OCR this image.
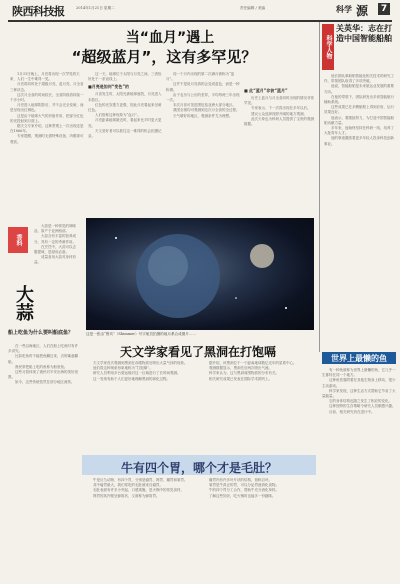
陕西科技报	2014年1月21日 星期二	责任编辑 / 美编	科学 源	7
当“血月”遇上
“超级蓝月”，这有多罕见？

1月31日晚上，月亮将出现一次罕见的天象，人们一生中难得一见。

月亮将同时处于超级月亮、蓝月亮、月全食三种状态。

这次月全食的时间较长，全食阶段将持续一个多小时。

月亮进入地球阴影后，并不会完全变暗，而是呈现出红铜色。

这是由于地球大气的折射作用，把部分红色的光投射到月面上。

据天文专家介绍，这种景观上一次出现还是在1866年。

专家提醒，观测时无需特殊设备，肉眼即可观赏。

这一天，地球位于太阳与月亮之间，三者恰好处于一条直线上。

■月亮是如何“变色”的

月食发生时，太阳光被地球遮挡，月亮进入本影区。

红色的光穿透力更强，因此月亮看起来呈暗红色。

人们俗称这种现象为“血月”。

月亮距离地球最近时，看起来比平时更大更亮。

天文爱好者可以抓住这一难得的机会拍摄记录。

同一个月内出现的第二次满月被称为“蓝月”。

这并不是说月亮真的会变成蓝色，而是一种称谓。

由于农历与公历的差异，平均每两三年出现一次。

本次月食可见范围包括亚洲大部分地区。

我国全境均可观测到这次月全食的全过程。

天气晴好的地区，观测条件尤为理想。

■ 此“蓝月”非彼“蓝月”

历史上蓝月与月全食同时出现的情况非常罕见。

专家表示，下一次将出现在多年以后。

建议公众选择视野开阔的地方观测。

此次天象也为科研人员提供了宝贵的观测数据。

科学人物
关英华：志在打造中国智能船舶

他长期从事船舶智能化相关技术的研究工作，带领团队取得了多项突破。

他说，智能船舶是未来航运业发展的重要方向。

在他的带领下，团队研发出多套智能航行辅助系统。

这些成果已在多艘船舶上得到应用，运行效果良好。

他表示，要继续努力，为打造中国智能船舶贡献力量。

多年来，他始终坚持在科研一线，培养了大批青年人才。

他的事迹激励着更多年轻人投身科技创新事业。

香料
大蒜

大蒜是一种常见的调味品，原产于亚洲西部。

大蒜含有丰富的营养成分，具有一定的杀菌作用。

在烹饪中，大蒜可以去腥提味，是厨房必备。

适量食用大蒜对身体有益。

船上吃鱼为什么要叫船底鱼？

在一些沿海地区，人们在船上吃鱼时有许多讲究。

比如吃鱼时不能把鱼翻过来，否则寓意翻船。

渔民常把船上吃的鱼称为船底鱼。

这些习俗体现了渔民对平安出海的美好祝愿。

如今，这些传统依然在部分地区流传。

这是一张由“鲁宾”（Shimmer）号宇航员拍摄的地月系合成图片……
天文学家看见了黑洞在打饱嗝

天文学家首次观测到黑洞在吞噬物质后喷出大量气体的现象。

他们将这种现象形象地称为“打饱嗝”。

研究人员利用多台望远镜对这一区域进行了长时间观测。

这一发现有助于人们更好地理解黑洞的演化过程。

据介绍，该黑洞位于一个距离地球数亿光年的星系中心。

观测数据显示，黑洞先后两次喷出气流。

科学家认为，这与黑洞周围物质的分布有关。

相关研究成果已发表在国际学术期刊上。

世界上最懒的鱼

有一种鱼被称为世界上最懒的鱼，它几乎一生都待在同一个地方。

这种鱼依靠附着在其他生物身上移动，很少主动游动。

科学家发现，这种生活方式帮助它节省了大量能量。

它的身体结构也随之发生了相应的变化。

这种独特的生存策略令研究人员颇感兴趣。

目前，相关研究仍在进行中。

牛有四个胃，哪个才是毛肚？

牛是反刍动物，有四个胃，分别是瘤胃、网胃、瓣胃和皱胃。

其中瘤胃最大，我们常吃的毛肚就来自瘤胃。

毛肚表面有许多小突起，口感爽脆，是火锅中的常见食材。

网胃因其内壁呈蜂窝状，又被称为蜂窝胃。

瓣胃内有许多叶片状的结构，俗称百叶。

皱胃是牛真正的胃，可以分泌胃液消化食物。

牛的四个胃分工合作，帮助牛充分消化草料。

了解这些知识，吃火锅时也能多一份趣味。
